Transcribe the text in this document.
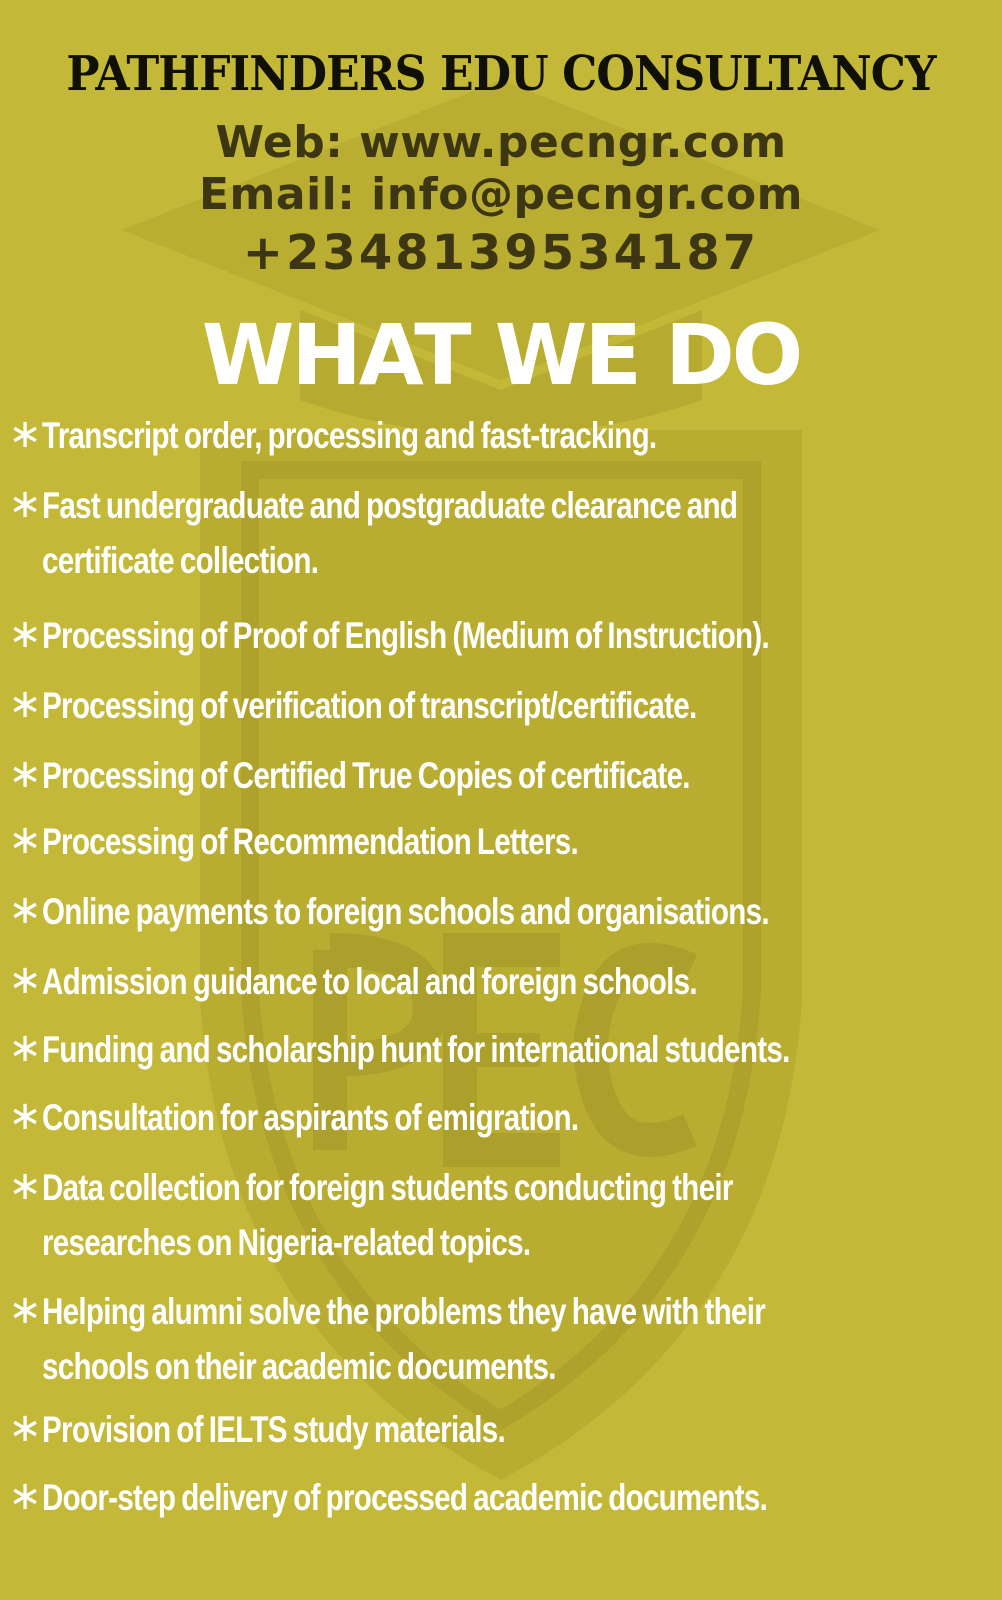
PATHFINDERS EDU CONSULTANCY
Web: www.pecngr.com
Email: info@pecngr.com
+2348139534187
WHAT WE DO
∗ Transcript order, processing and fast-tracking.
∗ Fast undergraduate and postgraduate clearance and
certificate collection.
∗ Processing of Proof of English (Medium of Instruction).
∗ Processing of verification of transcript/certificate.
∗ Processing of Certified True Copies of certificate.
∗ Processing of Recommendation Letters.
∗ Online payments to foreign schools and organisations.
∗ Admission guidance to local and foreign schools.
∗ Funding and scholarship hunt for international students.
∗ Consultation for aspirants of emigration.
∗ Data collection for foreign students conducting their
researches on Nigeria-related topics.
∗ Helping alumni solve the problems they have with their
schools on their academic documents.
∗ Provision of IELTS study materials.
∗ Door-step delivery of processed academic documents.
